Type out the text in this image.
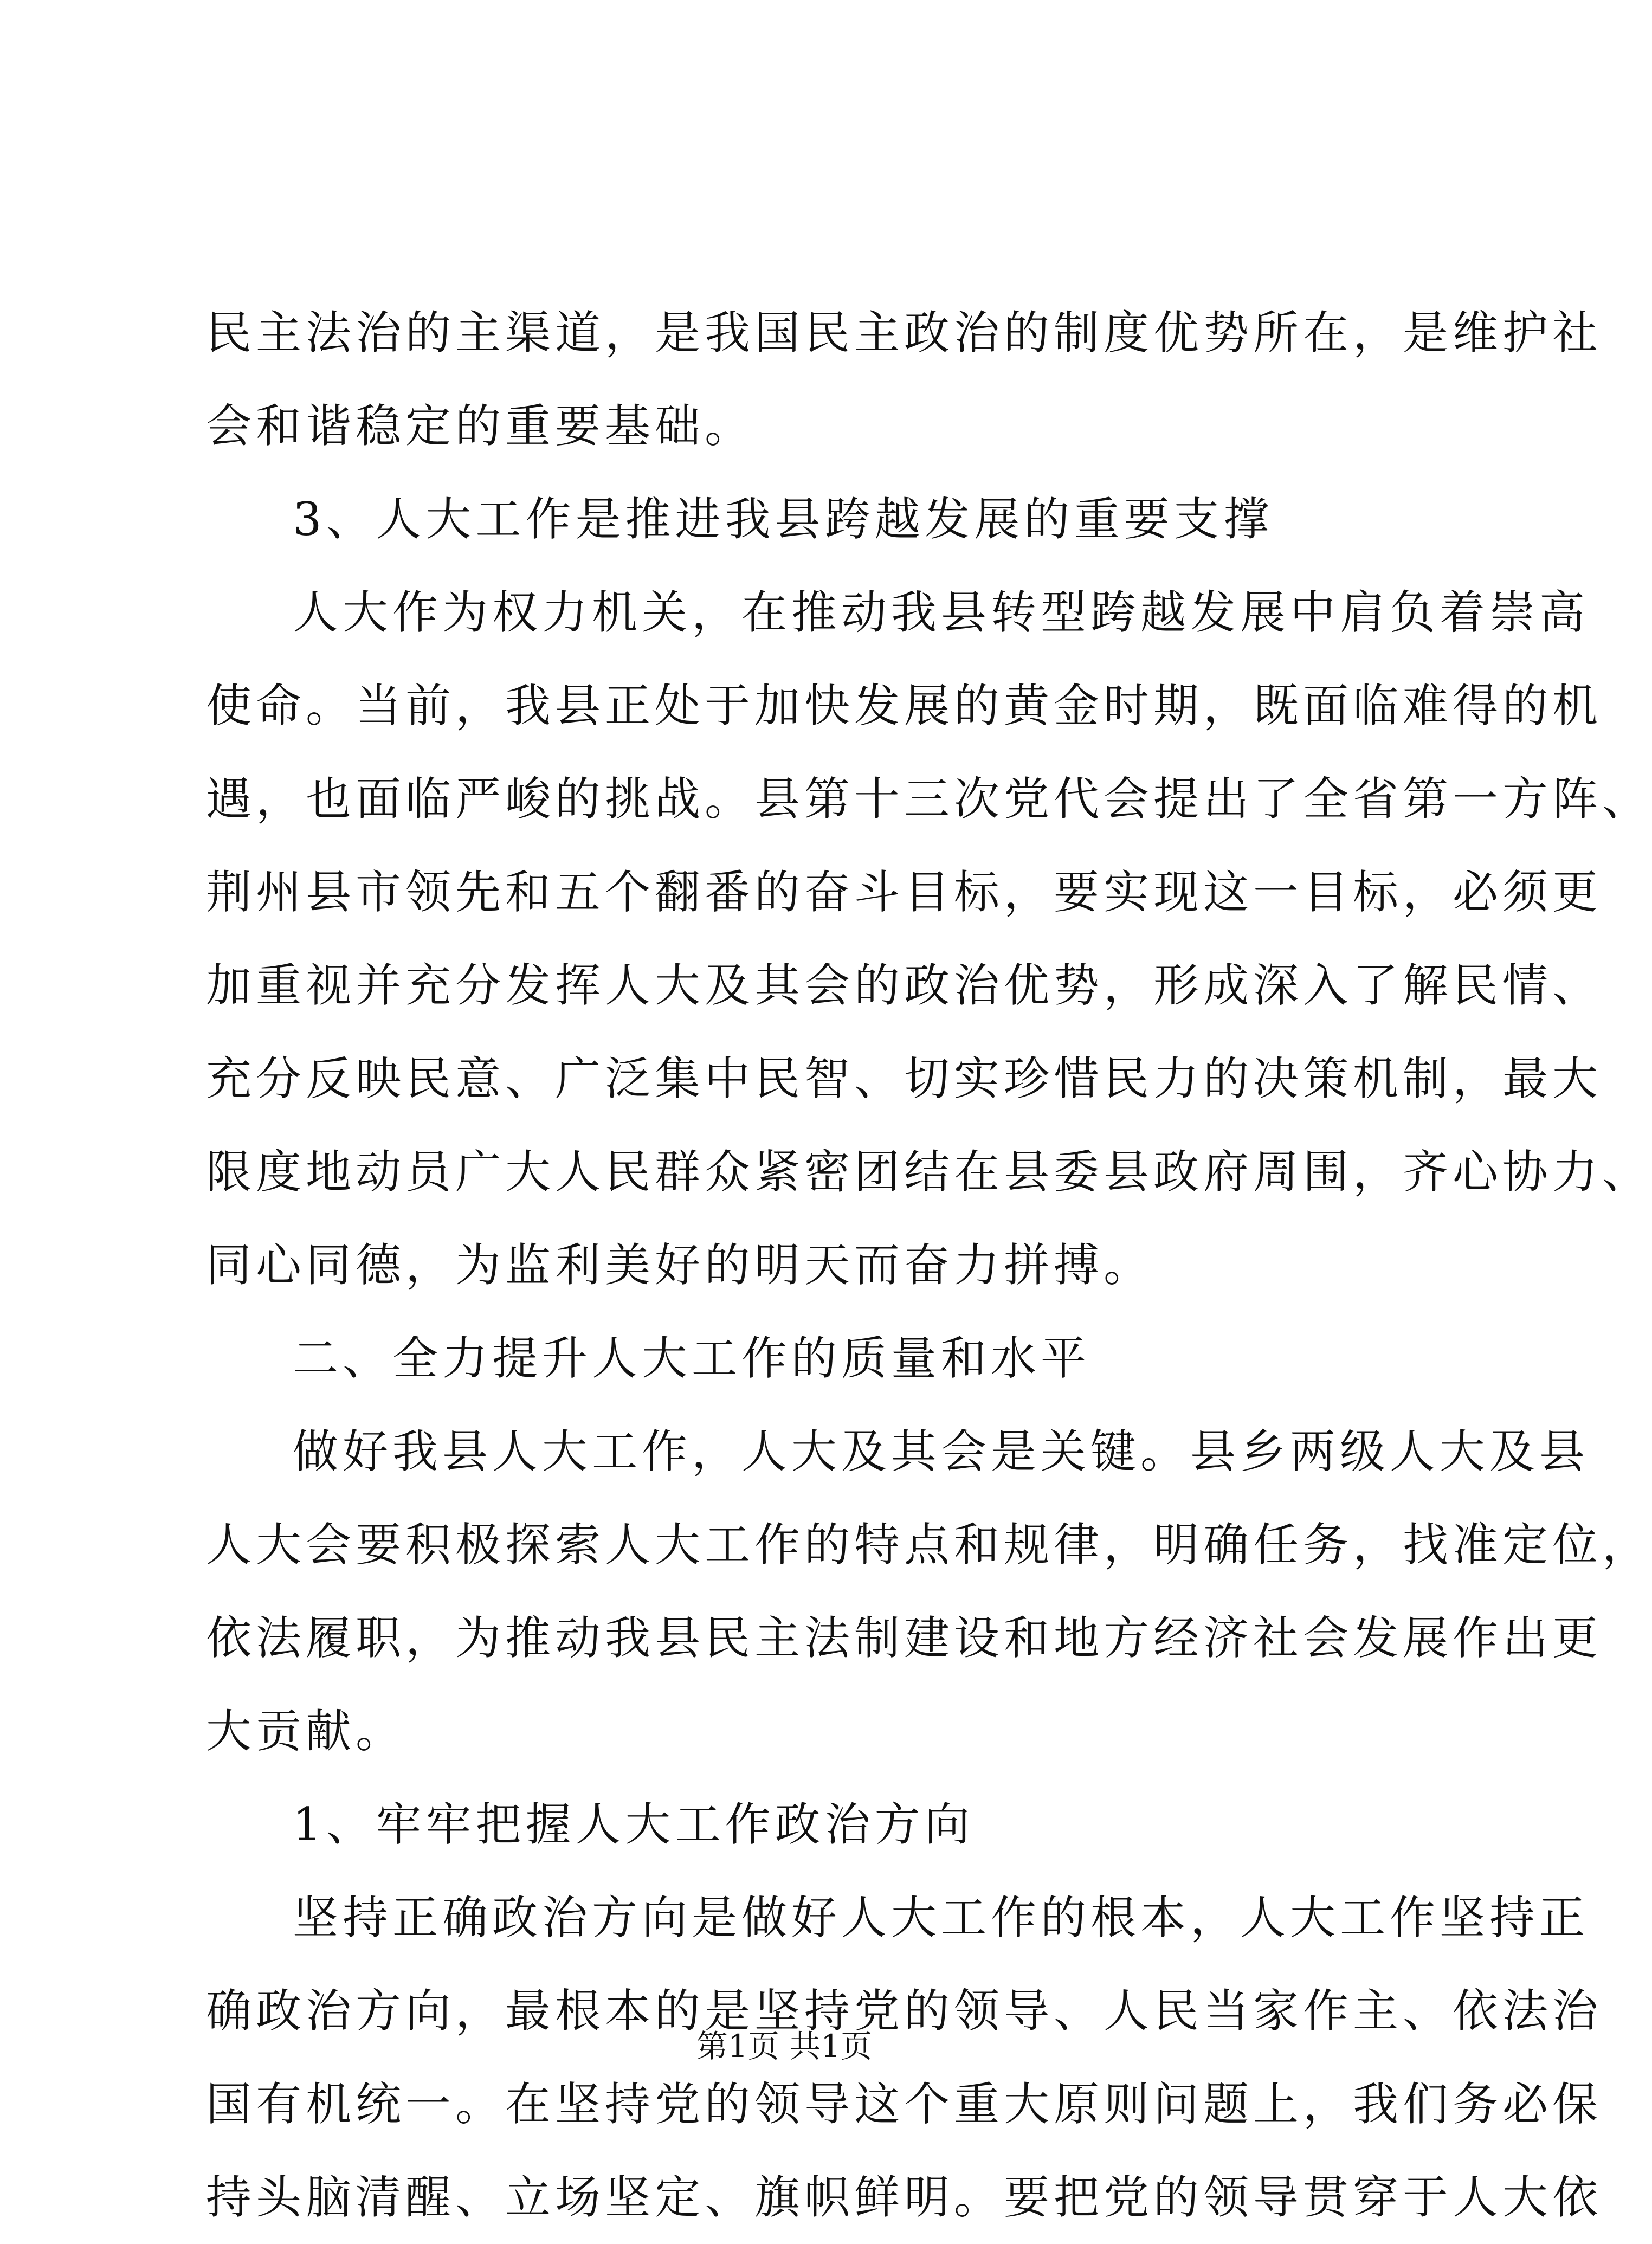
民主法治的主渠道，是我国民主政治的制度优势所在，是维护社
会和谐稳定的重要基础。
3、人大工作是推进我县跨越发展的重要支撑
人大作为权力机关，在推动我县转型跨越发展中肩负着崇高
使命。当前，我县正处于加快发展的黄金时期，既面临难得的机
遇，也面临严峻的挑战。县第十三次党代会提出了全省第一方阵、
荆州县市领先和五个翻番的奋斗目标，要实现这一目标，必须更
加重视并充分发挥人大及其会的政治优势，形成深入了解民情、
充分反映民意、广泛集中民智、切实珍惜民力的决策机制，最大
限度地动员广大人民群众紧密团结在县委县政府周围，齐心协力、
同心同德，为监利美好的明天而奋力拼搏。
二、全力提升人大工作的质量和水平
做好我县人大工作，人大及其会是关键。县乡两级人大及县
人大会要积极探索人大工作的特点和规律，明确任务，找准定位，
依法履职，为推动我县民主法制建设和地方经济社会发展作出更
大贡献。
1、牢牢把握人大工作政治方向
坚持正确政治方向是做好人大工作的根本，人大工作坚持正
确政治方向，最根本的是坚持党的领导、人民当家作主、依法治
国有机统一。在坚持党的领导这个重大原则问题上，我们务必保
持头脑清醒、立场坚定、旗帜鲜明。要把党的领导贯穿于人大依
第1页 共1页
